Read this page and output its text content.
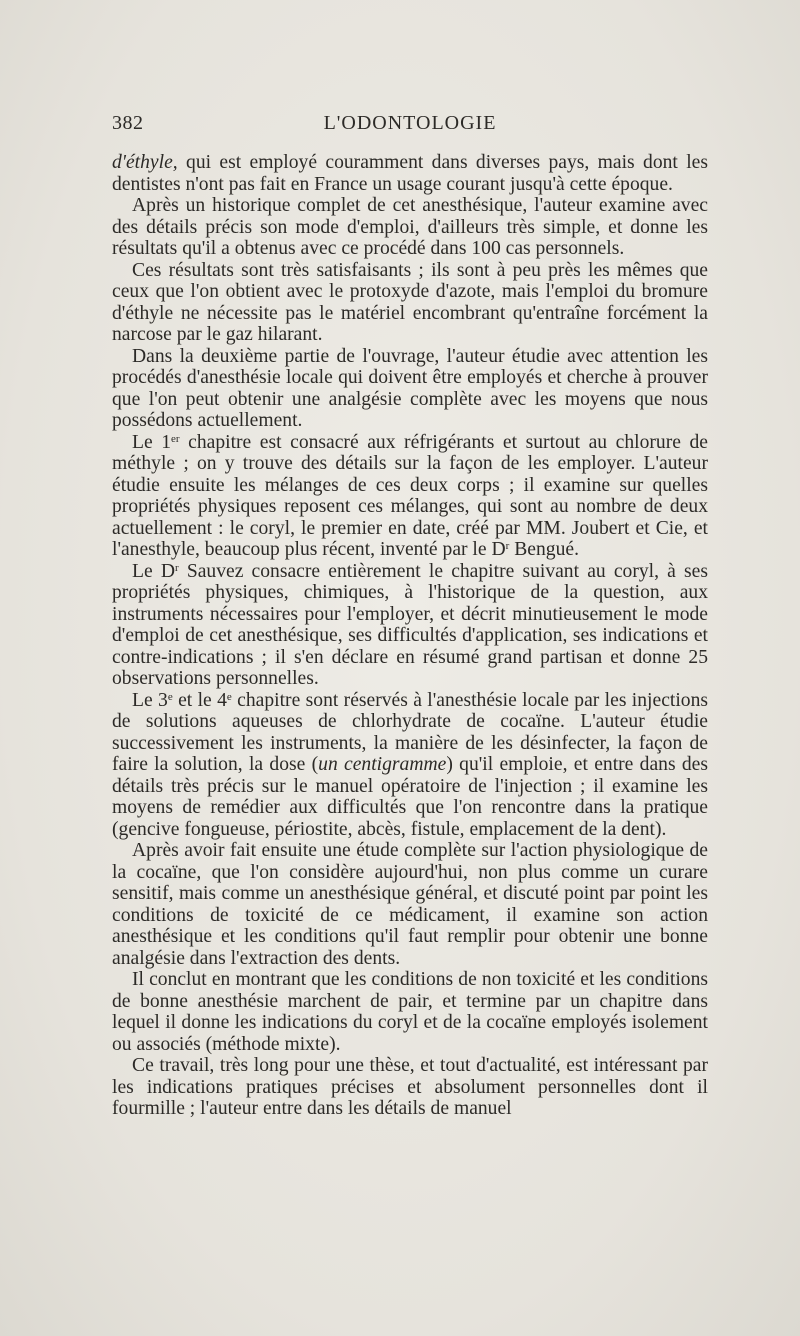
382	L'ODONTOLOGIE

d'éthyle, qui est employé couramment dans diverses pays, mais dont les dentistes n'ont pas fait en France un usage courant jusqu'à cette époque.

Après un historique complet de cet anesthésique, l'auteur examine avec des détails précis son mode d'emploi, d'ailleurs très simple, et donne les résultats qu'il a obtenus avec ce procédé dans 100 cas personnels.

Ces résultats sont très satisfaisants ; ils sont à peu près les mêmes que ceux que l'on obtient avec le protoxyde d'azote, mais l'emploi du bromure d'éthyle ne nécessite pas le matériel encombrant qu'entraîne forcément la narcose par le gaz hilarant.

Dans la deuxième partie de l'ouvrage, l'auteur étudie avec attention les procédés d'anesthésie locale qui doivent être employés et cherche à prouver que l'on peut obtenir une analgésie complète avec les moyens que nous possédons actuellement.

Le 1er chapitre est consacré aux réfrigérants et surtout au chlorure de méthyle ; on y trouve des détails sur la façon de les employer. L'auteur étudie ensuite les mélanges de ces deux corps ; il examine sur quelles propriétés physiques reposent ces mélanges, qui sont au nombre de deux actuellement : le coryl, le premier en date, créé par MM. Joubert et Cie, et l'anesthyle, beaucoup plus récent, inventé par le $D^r$ Bengué.

Le $D^r$ Sauvez consacre entièrement le chapitre suivant au coryl, à ses propriétés physiques, chimiques, à l'historique de la question, aux instruments nécessaires pour l'employer, et décrit minutieusement le mode d'emploi de cet anesthésique, ses difficultés d'application, ses indications et contre-indications ; il s'en déclare en résumé grand partisan et donne 25 observations personnelles.

Le 3e et le 4e chapitre sont réservés à l'anesthésie locale par les injections de solutions aqueuses de chlorhydrate de cocaïne. L'auteur étudie successivement les instruments, la manière de les désinfecter, la façon de faire la solution, la dose (un centigramme) qu'il emploie, et entre dans des détails très précis sur le manuel opératoire de l'injection ; il examine les moyens de remédier aux difficultés que l'on rencontre dans la pratique (gencive fongueuse, périostite, abcès, fistule, emplacement de la dent).

Après avoir fait ensuite une étude complète sur l'action physiologique de la cocaïne, que l'on considère aujourd'hui, non plus comme un curare sensitif, mais comme un anesthésique général, et discuté point par point les conditions de toxicité de ce médicament, il examine son action anesthésique et les conditions qu'il faut remplir pour obtenir une bonne analgésie dans l'extraction des dents.

Il conclut en montrant que les conditions de non toxicité et les conditions de bonne anesthésie marchent de pair, et termine par un chapitre dans lequel il donne les indications du coryl et de la cocaïne employés isolement ou associés (méthode mixte).

Ce travail, très long pour une thèse, et tout d'actualité, est intéressant par les indications pratiques précises et absolument personnelles dont il fourmille ; l'auteur entre dans les détails de manuel
